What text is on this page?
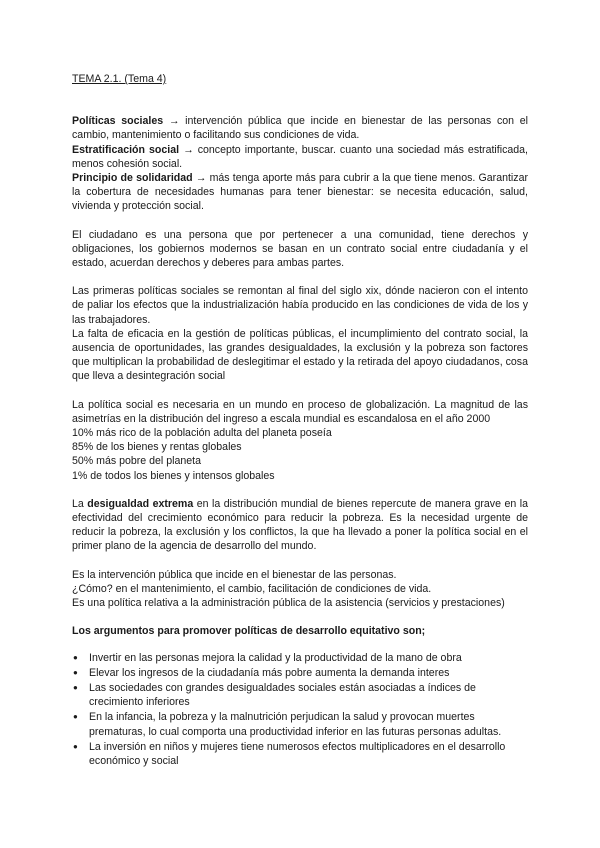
TEMA 2.1. (Tema 4)

Políticas sociales → intervención pública que incide en bienestar de las personas con el cambio, mantenimiento o facilitando sus condiciones de vida.

Estratificación social → concepto importante, buscar. cuanto una sociedad más estratificada, menos cohesión social.

Principio de solidaridad → más tenga aporte más para cubrir a la que tiene menos. Garantizar la cobertura de necesidades humanas para tener bienestar: se necesita educación, salud, vivienda y protección social.

El ciudadano es una persona que por pertenecer a una comunidad, tiene derechos y obligaciones, los gobiernos modernos se basan en un contrato social entre ciudadanía y el estado, acuerdan derechos y deberes para ambas partes.

Las primeras políticas sociales se remontan al final del siglo xix, dónde nacieron con el intento de paliar los efectos que la industrialización había producido en las condiciones de vida de los y las trabajadores.

La falta de eficacia en la gestión de políticas públicas, el incumplimiento del contrato social, la ausencia de oportunidades, las grandes desigualdades, la exclusión y la pobreza son factores que multiplican la probabilidad de deslegitimar el estado y la retirada del apoyo ciudadanos, cosa que lleva a desintegración social

La política social es necesaria en un mundo en proceso de globalización. La magnitud de las asimetrías en la distribución del ingreso a escala mundial es escandalosa en el año 2000

10% más rico de la población adulta del planeta poseía

85% de los bienes y rentas globales

50% más pobre del planeta

1% de todos los bienes y intensos globales

La desigualdad extrema en la distribución mundial de bienes repercute de manera grave en la efectividad del crecimiento económico para reducir la pobreza. Es la necesidad urgente de reducir la pobreza, la exclusión y los conflictos, la que ha llevado a poner la política social en el primer plano de la agencia de desarrollo del mundo.

Es la intervención pública que incide en el bienestar de las personas.

¿Cómo? en el mantenimiento, el cambio, facilitación de condiciones de vida.

Es una política relativa a la administración pública de la asistencia (servicios y prestaciones)

Los argumentos para promover políticas de desarrollo equitativo son;

● Invertir en las personas mejora la calidad y la productividad de la mano de obra
● Elevar los ingresos de la ciudadanía más pobre aumenta la demanda interes
● Las sociedades con grandes desigualdades sociales están asociadas a índices de crecimiento inferiores
● En la infancia, la pobreza y la malnutrición perjudican la salud y provocan muertes prematuras, lo cual comporta una productividad inferior en las futuras personas adultas.
● La inversión en niños y mujeres tiene numerosos efectos multiplicadores en el desarrollo económico y social
